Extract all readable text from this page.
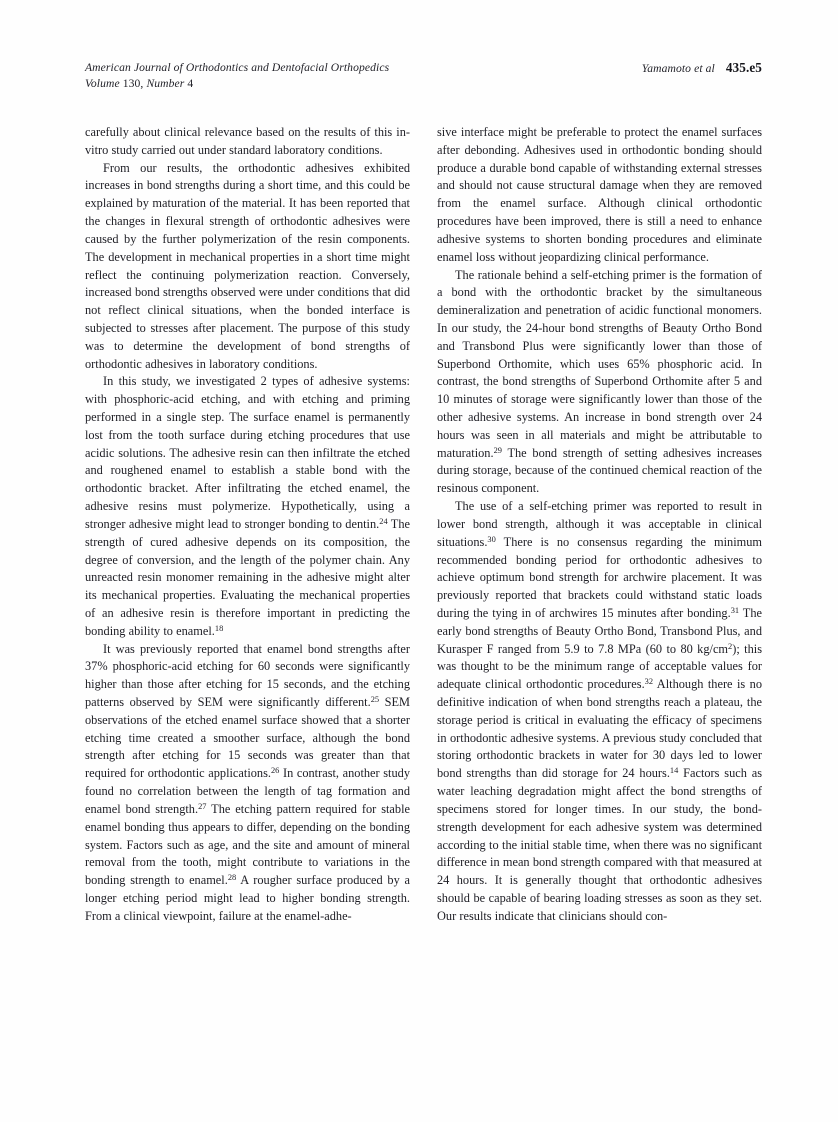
American Journal of Orthodontics and Dentofacial Orthopedics
Volume 130, Number 4
Yamamoto et al 435.e5

carefully about clinical relevance based on the results of this in-vitro study carried out under standard laboratory conditions.

From our results, the orthodontic adhesives exhibited increases in bond strengths during a short time, and this could be explained by maturation of the material. It has been reported that the changes in flexural strength of orthodontic adhesives were caused by the further polymerization of the resin components. The development in mechanical properties in a short time might reflect the continuing polymerization reaction. Conversely, increased bond strengths observed were under conditions that did not reflect clinical situations, when the bonded interface is subjected to stresses after placement. The purpose of this study was to determine the development of bond strengths of orthodontic adhesives in laboratory conditions.

In this study, we investigated 2 types of adhesive systems: with phosphoric-acid etching, and with etching and priming performed in a single step. The surface enamel is permanently lost from the tooth surface during etching procedures that use acidic solutions. The adhesive resin can then infiltrate the etched and roughened enamel to establish a stable bond with the orthodontic bracket. After infiltrating the etched enamel, the adhesive resins must polymerize. Hypothetically, using a stronger adhesive might lead to stronger bonding to dentin.$^{24}$ The strength of cured adhesive depends on its composition, the degree of conversion, and the length of the polymer chain. Any unreacted resin monomer remaining in the adhesive might alter its mechanical properties. Evaluating the mechanical properties of an adhesive resin is therefore important in predicting the bonding ability to enamel.$^{18}$

It was previously reported that enamel bond strengths after 37% phosphoric-acid etching for 60 seconds were significantly higher than those after etching for 15 seconds, and the etching patterns observed by SEM were significantly different.$^{25}$ SEM observations of the etched enamel surface showed that a shorter etching time created a smoother surface, although the bond strength after etching for 15 seconds was greater than that required for orthodontic applications.$^{26}$ In contrast, another study found no correlation between the length of tag formation and enamel bond strength.$^{27}$ The etching pattern required for stable enamel bonding thus appears to differ, depending on the bonding system. Factors such as age, and the site and amount of mineral removal from the tooth, might contribute to variations in the bonding strength to enamel.$^{28}$ A rougher surface produced by a longer etching period might lead to higher bonding strength. From a clinical viewpoint, failure at the enamel-adhe-

sive interface might be preferable to protect the enamel surfaces after debonding. Adhesives used in orthodontic bonding should produce a durable bond capable of withstanding external stresses and should not cause structural damage when they are removed from the enamel surface. Although clinical orthodontic procedures have been improved, there is still a need to enhance adhesive systems to shorten bonding procedures and eliminate enamel loss without jeopardizing clinical performance.

The rationale behind a self-etching primer is the formation of a bond with the orthodontic bracket by the simultaneous demineralization and penetration of acidic functional monomers. In our study, the 24-hour bond strengths of Beauty Ortho Bond and Transbond Plus were significantly lower than those of Superbond Orthomite, which uses 65% phosphoric acid. In contrast, the bond strengths of Superbond Orthomite after 5 and 10 minutes of storage were significantly lower than those of the other adhesive systems. An increase in bond strength over 24 hours was seen in all materials and might be attributable to maturation.$^{29}$ The bond strength of setting adhesives increases during storage, because of the continued chemical reaction of the resinous component.

The use of a self-etching primer was reported to result in lower bond strength, although it was acceptable in clinical situations.$^{30}$ There is no consensus regarding the minimum recommended bonding period for orthodontic adhesives to achieve optimum bond strength for archwire placement. It was previously reported that brackets could withstand static loads during the tying in of archwires 15 minutes after bonding.$^{31}$ The early bond strengths of Beauty Ortho Bond, Transbond Plus, and Kurasper F ranged from 5.9 to 7.8 MPa (60 to 80 $kg/cm^2$); this was thought to be the minimum range of acceptable values for adequate clinical orthodontic procedures.$^{32}$ Although there is no definitive indication of when bond strengths reach a plateau, the storage period is critical in evaluating the efficacy of specimens in orthodontic adhesive systems. A previous study concluded that storing orthodontic brackets in water for 30 days led to lower bond strengths than did storage for 24 hours.$^{14}$ Factors such as water leaching degradation might affect the bond strengths of specimens stored for longer times. In our study, the bond-strength development for each adhesive system was determined according to the initial stable time, when there was no significant difference in mean bond strength compared with that measured at 24 hours. It is generally thought that orthodontic adhesives should be capable of bearing loading stresses as soon as they set. Our results indicate that clinicians should con-
